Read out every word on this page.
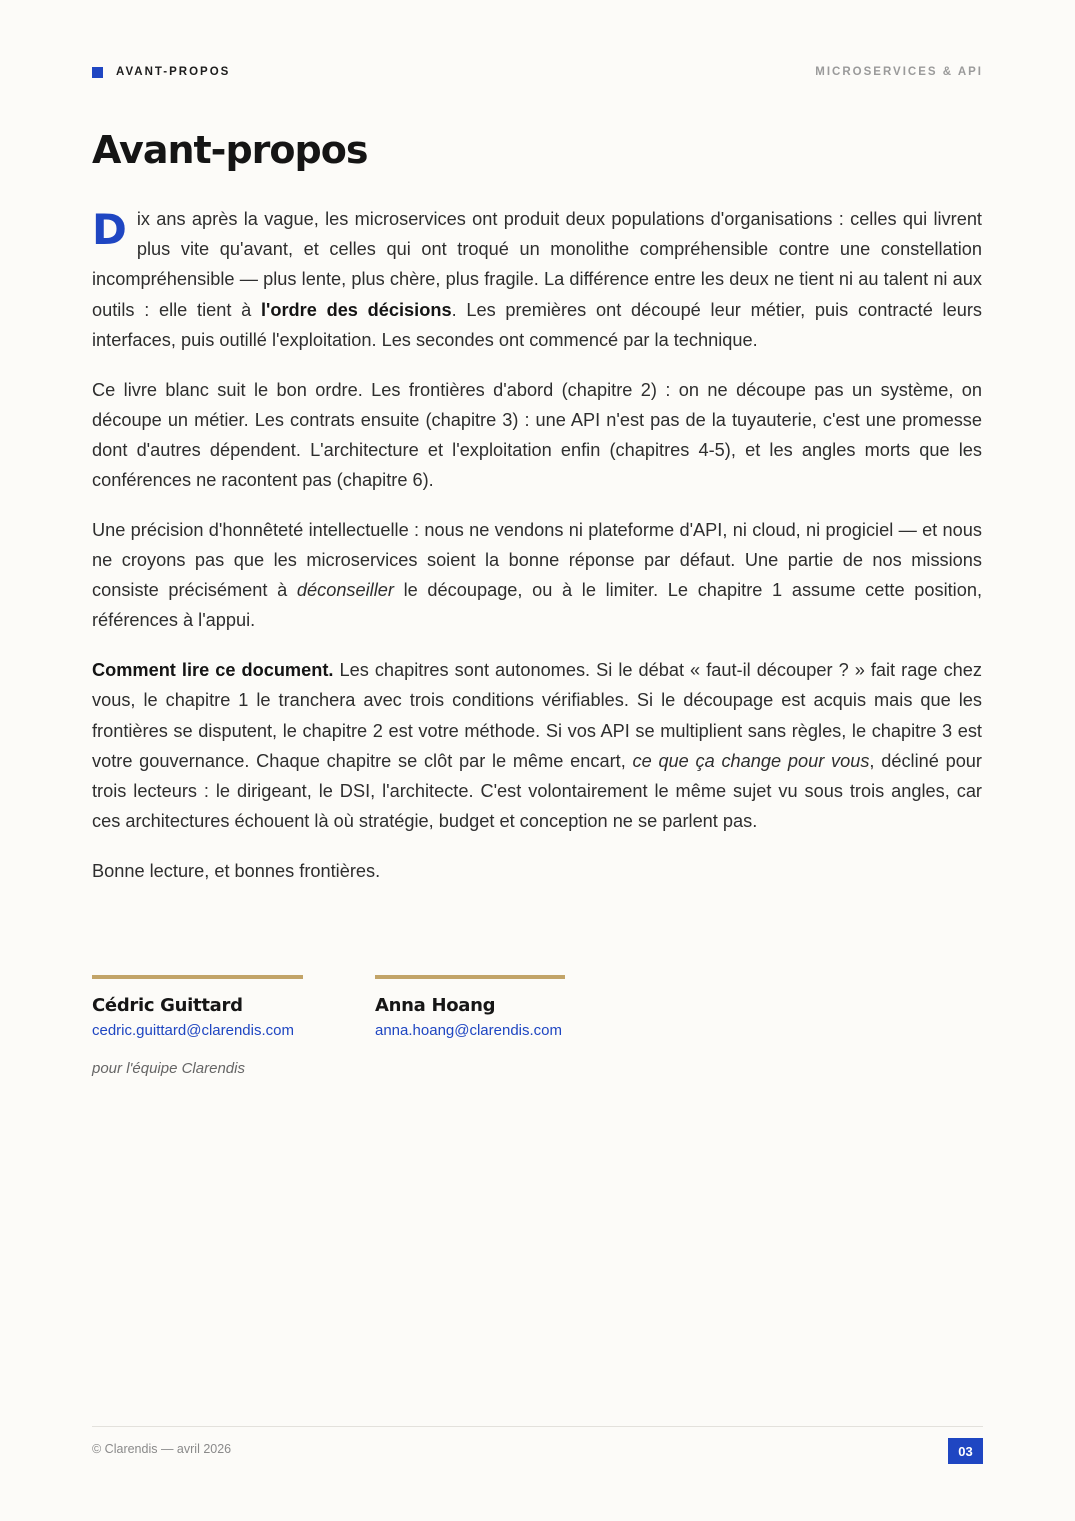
AVANT-PROPOS	MICROSERVICES & API
Avant-propos

Dix ans après la vague, les microservices ont produit deux populations d'organisations : celles qui livrent plus vite qu'avant, et celles qui ont troqué un monolithe compréhensible contre une constellation incompréhensible — plus lente, plus chère, plus fragile. La différence entre les deux ne tient ni au talent ni aux outils : elle tient à l'ordre des décisions. Les premières ont découpé leur métier, puis contracté leurs interfaces, puis outillé l'exploitation. Les secondes ont commencé par la technique.

Ce livre blanc suit le bon ordre. Les frontières d'abord (chapitre 2) : on ne découpe pas un système, on découpe un métier. Les contrats ensuite (chapitre 3) : une API n'est pas de la tuyauterie, c'est une promesse dont d'autres dépendent. L'architecture et l'exploitation enfin (chapitres 4-5), et les angles morts que les conférences ne racontent pas (chapitre 6).

Une précision d'honnêteté intellectuelle : nous ne vendons ni plateforme d'API, ni cloud, ni progiciel — et nous ne croyons pas que les microservices soient la bonne réponse par défaut. Une partie de nos missions consiste précisément à déconseiller le découpage, ou à le limiter. Le chapitre 1 assume cette position, références à l'appui.

Comment lire ce document. Les chapitres sont autonomes. Si le débat « faut-il découper ? » fait rage chez vous, le chapitre 1 le tranchera avec trois conditions vérifiables. Si le découpage est acquis mais que les frontières se disputent, le chapitre 2 est votre méthode. Si vos API se multiplient sans règles, le chapitre 3 est votre gouvernance. Chaque chapitre se clôt par le même encart, ce que ça change pour vous, décliné pour trois lecteurs : le dirigeant, le DSI, l'architecte. C'est volontairement le même sujet vu sous trois angles, car ces architectures échouent là où stratégie, budget et conception ne se parlent pas.

Bonne lecture, et bonnes frontières.

Cédric Guittard
cedric.guittard@clarendis.com
Anna Hoang
anna.hoang@clarendis.com
pour l'équipe Clarendis
© Clarendis — avril 2026	03
